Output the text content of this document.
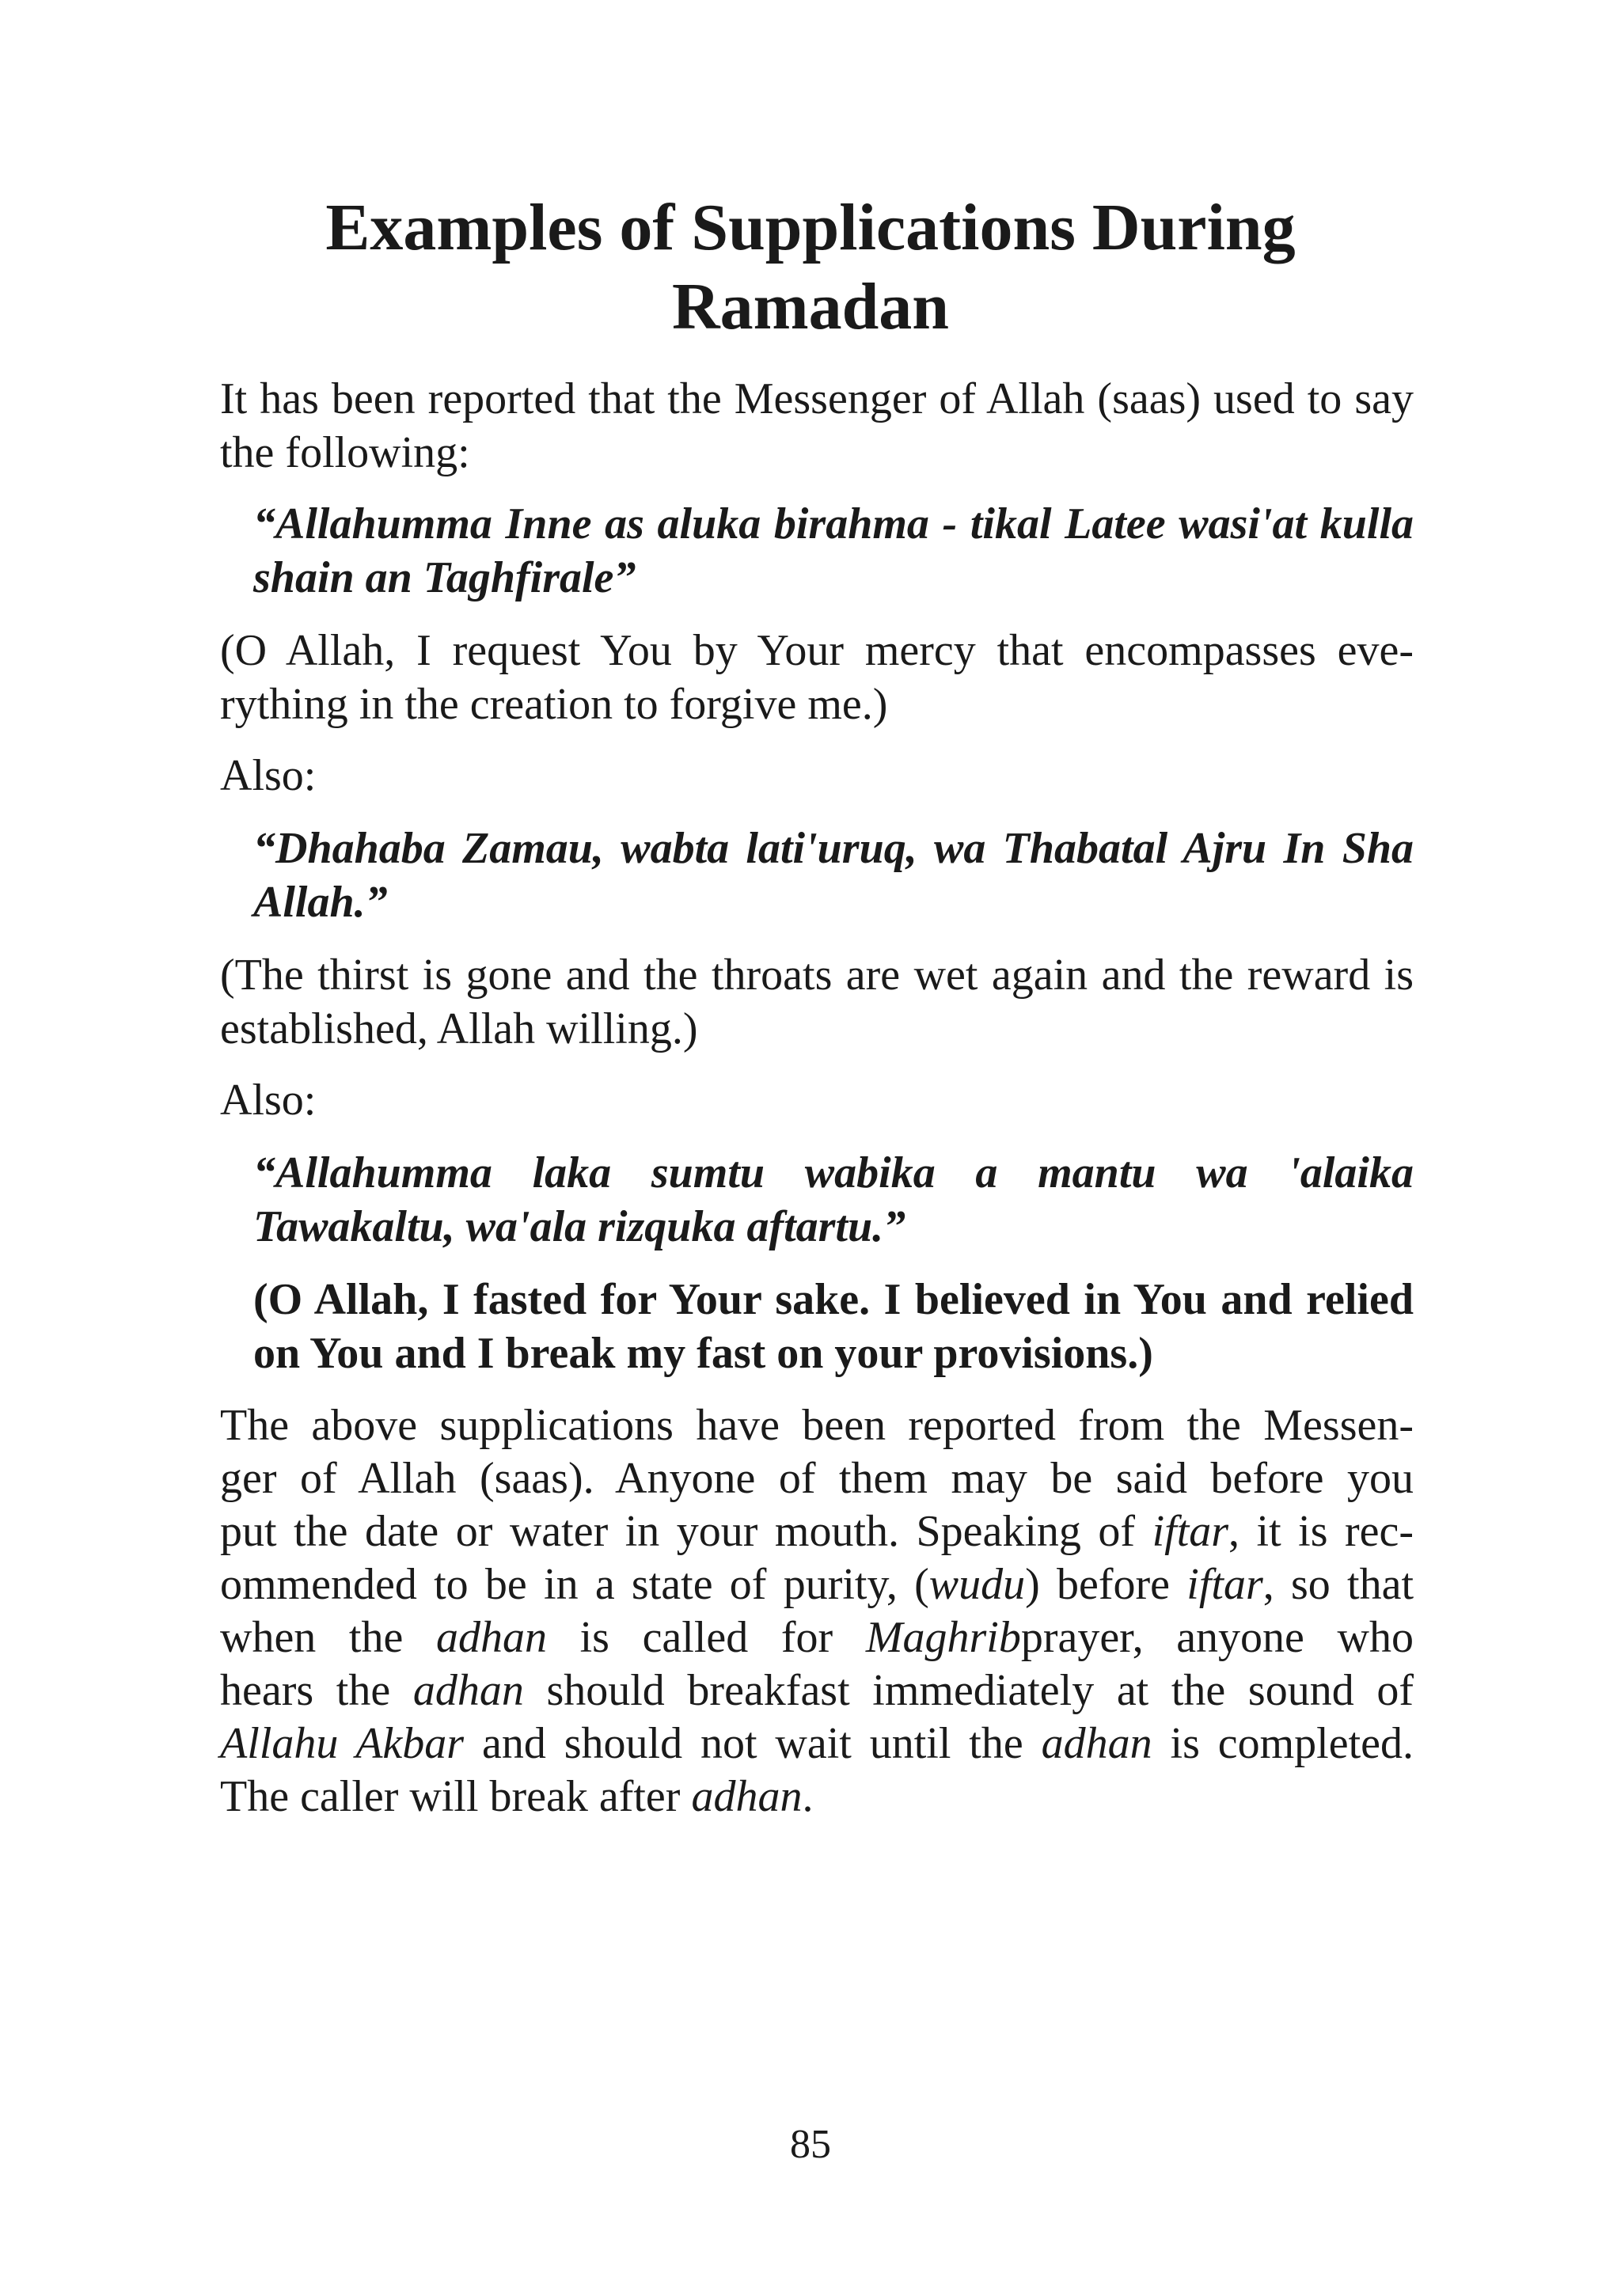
Examples of Supplications During Ramadan

It has been reported that the Messenger of Allah (saas) used to say the following:

“Allahumma Inne as aluka birahma - tikal Latee wasi'at kulla shain an Taghfirale”

(O Allah, I request You by Your mercy that encompasses eve-rything in the creation to forgive me.)

Also:

“Dhahaba Zamau, wabta lati'uruq, wa Thabatal Ajru In Sha Allah.”

(The thirst is gone and the throats are wet again and the reward is established, Allah willing.)

Also:

“Allahumma laka sumtu wabika a mantu wa 'alaika Tawakaltu, wa'ala rizquka aftartu.”

(O Allah, I fasted for Your sake. I believed in You and relied on You and I break my fast on your provisions.)

The above supplications have been reported from the Messen-
ger of Allah (saas). Anyone of them may be said before you
put the date or water in your mouth. Speaking of iftar, it is rec-
ommended to be in a state of purity, (wudu) before iftar, so that
when the adhan is called for Maghribprayer, anyone who
hears the adhan should breakfast immediately at the sound of
Allahu Akbar and should not wait until the adhan is completed.
The caller will break after adhan.

85
